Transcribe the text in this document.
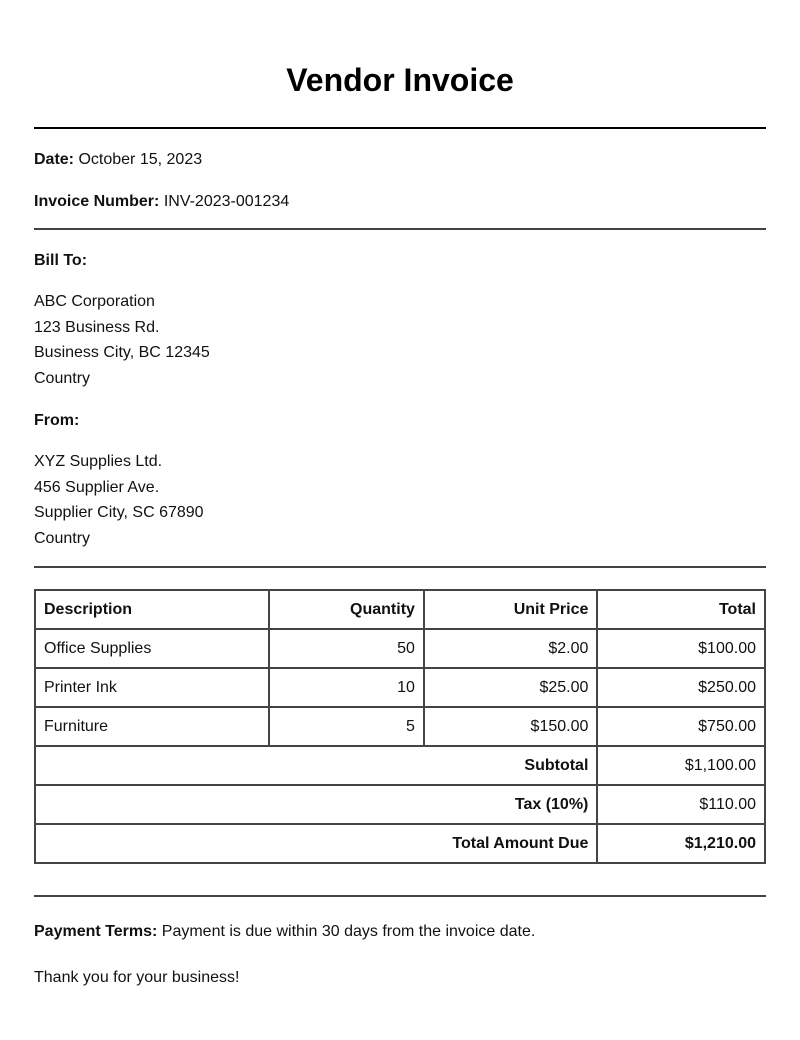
Vendor Invoice
Date: October 15, 2023
Invoice Number: INV-2023-001234
Bill To:
ABC Corporation
123 Business Rd.
Business City, BC 12345
Country
From:
XYZ Supplies Ltd.
456 Supplier Ave.
Supplier City, SC 67890
Country
Description	Quantity	Unit Price	Total
Office Supplies	50	$2.00	$100.00
Printer Ink	10	$25.00	$250.00
Furniture	5	$150.00	$750.00
Subtotal			$1,100.00
Tax (10%)			$110.00
Total Amount Due			$1,210.00
Payment Terms: Payment is due within 30 days from the invoice date.
Thank you for your business!
